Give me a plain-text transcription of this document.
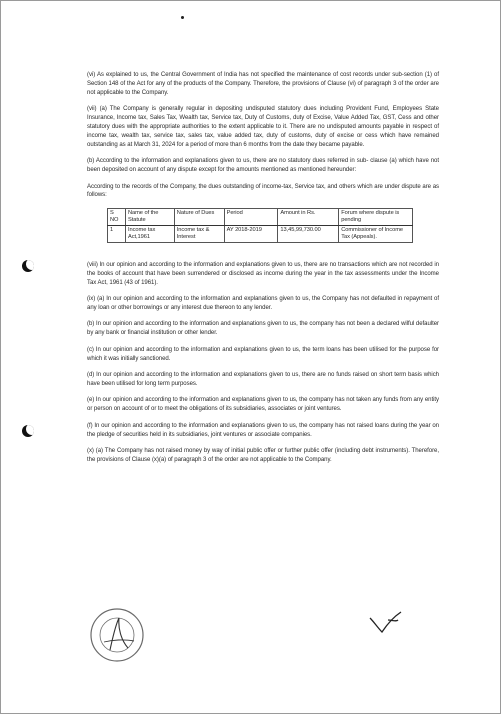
(vi) As explained to us, the Central Government of India has not specified the maintenance of cost records under sub-section (1) of Section 148 of the Act for any of the products of the Company. Therefore, the provisions of Clause (vi) of paragraph 3 of the order are not applicable to the Company.

(vii) (a) The Company is generally regular in depositing undisputed statutory dues including Provident Fund, Employees State Insurance, Income tax, Sales Tax, Wealth tax, Service tax, Duty of Customs, duty of Excise, Value Added Tax, GST, Cess and other statutory dues with the appropriate authorities to the extent applicable to it. There are no undisputed amounts payable in respect of income tax, wealth tax, service tax, sales tax, value added tax, duty of customs, duty of excise or cess which have remained outstanding as at March 31, 2024 for a period of more than 6 months from the date they became payable.

(b) According to the information and explanations given to us, there are no statutory dues referred in sub- clause (a) which have not been deposited on account of any dispute except for the amounts mentioned as mentioned hereunder:

According to the records of the Company, the dues outstanding of income-tax, Service tax, and others which are under dispute are as follows:

S NO	Name of the Statute	Nature of Dues	Period	Amount in Rs.	Forum where dispute is pending
1	Income tax Act,1961	Income tax & Interest	AY 2018-2019	13,45,99,730.00	Commissioner of Income Tax (Appeals).

(viii) In our opinion and according to the information and explanations given to us, there are no transactions which are not recorded in the books of account that have been surrendered or disclosed as income during the year in the tax assessments under the Income Tax Act, 1961 (43 of 1961).

(ix) (a) In our opinion and according to the information and explanations given to us, the Company has not defaulted in repayment of any loan or other borrowings or any interest due thereon to any lender.

(b) In our opinion and according to the information and explanations given to us, the company has not been a declared wilful defaulter by any bank or financial institution or other lender.

(c) In our opinion and according to the information and explanations given to us, the term loans has been utilised for the purpose for which it was initially sanctioned.

(d) In our opinion and according to the information and explanations given to us, there are no funds raised on short term basis which have been utilised for long term purposes.

(e) In our opinion and according to the information and explanations given to us, the company has not taken any funds from any entity or person on account of or to meet the obligations of its subsidiaries, associates or joint ventures.

(f) In our opinion and according to the information and explanations given to us, the company has not raised loans during the year on the pledge of securities held in its subsidiaries, joint ventures or associate companies.

(x) (a) The Company has not raised money by way of initial public offer or further public offer (including debt instruments). Therefore, the provisions of Clause (x)(a) of paragraph 3 of the order are not applicable to the Company.
